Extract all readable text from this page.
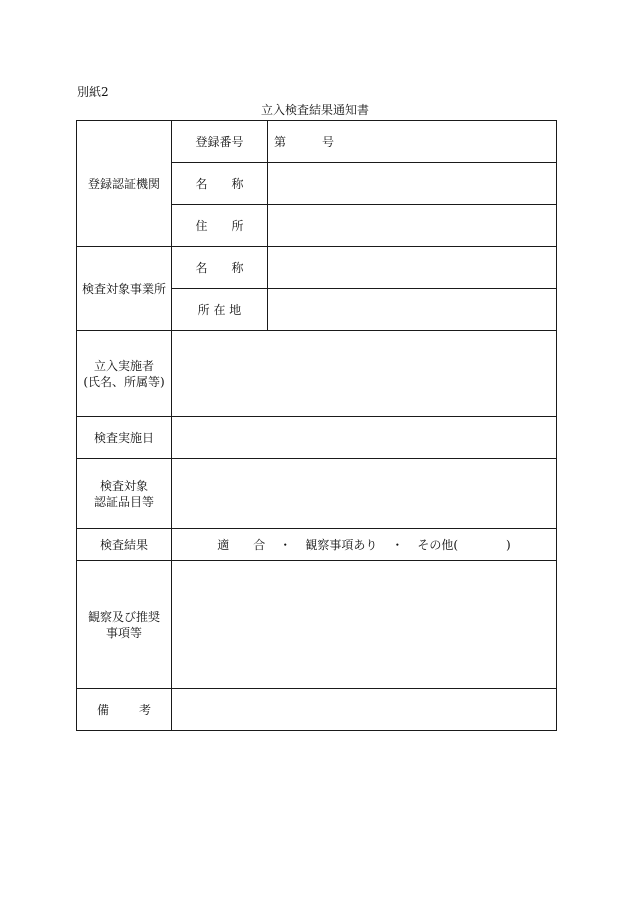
別紙2
立入検査結果通知書
登録認証機関	登録番号	第 号
	名 称	
	住 所	
検査対象事業所	名 称	
	所 在 地	

立入実施者
(氏名、所属等)		

検査実施日		

検査対象
認証品目等		

検査結果	適 合 ・ 観察事項あり ・ その他( )	

観察及び推奨
事項等		

備 考		
